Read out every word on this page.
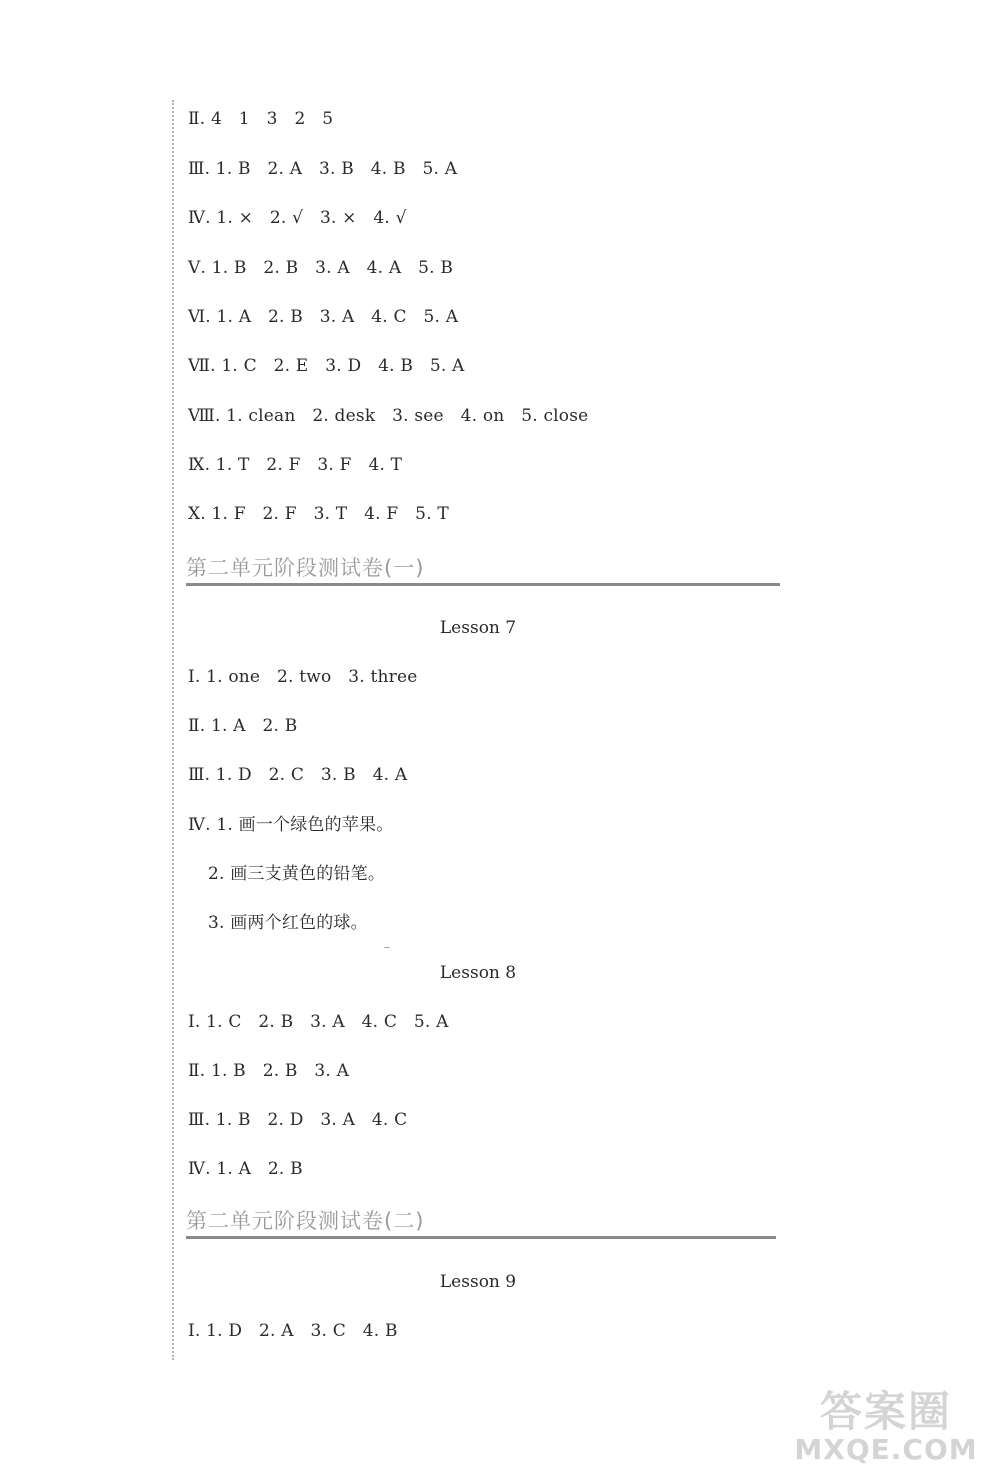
Ⅱ. 4   1   3   2   5
Ⅲ. 1. B   2. A   3. B   4. B   5. A
Ⅳ. 1. ×   2. √   3. ×   4. √
Ⅴ. 1. B   2. B   3. A   4. A   5. B
Ⅵ. 1. A   2. B   3. A   4. C   5. A
Ⅶ. 1. C   2. E   3. D   4. B   5. A
Ⅷ. 1. clean   2. desk   3. see   4. on   5. close
Ⅸ. 1. T   2. F   3. F   4. T
Ⅹ. 1. F   2. F   3. T   4. F   5. T
第二单元阶段测试卷(一)
Lesson 7
Ⅰ. 1. one   2. two   3. three
Ⅱ. 1. A   2. B
Ⅲ. 1. D   2. C   3. B   4. A
Ⅳ. 1. 画一个绿色的苹果。
2. 画三支黄色的铅笔。
3. 画两个红色的球。
–
Lesson 8
Ⅰ. 1. C   2. B   3. A   4. C   5. A
Ⅱ. 1. B   2. B   3. A
Ⅲ. 1. B   2. D   3. A   4. C
Ⅳ. 1. A   2. B
第二单元阶段测试卷(二)
Lesson 9
Ⅰ. 1. D   2. A   3. C   4. B
答案圈
MXQE.COM
